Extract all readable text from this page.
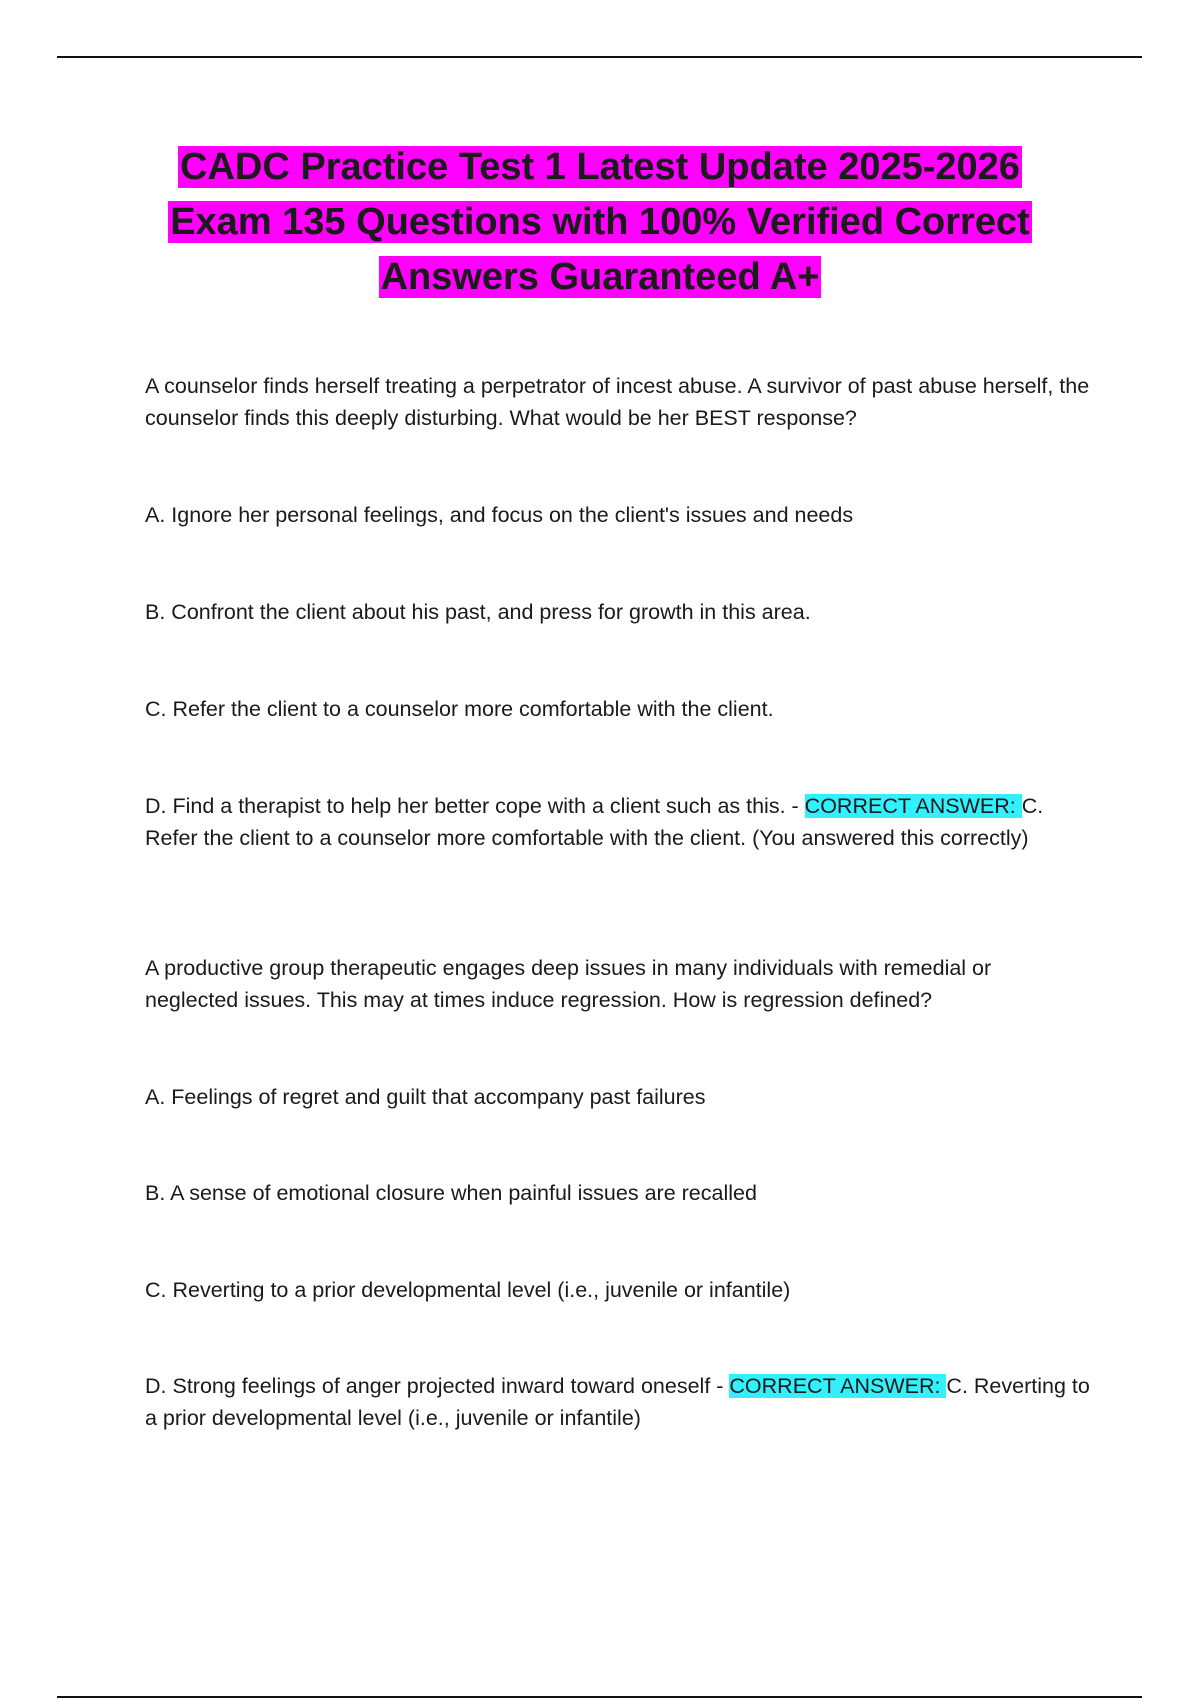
CADC Practice Test 1 Latest Update 2025-2026
Exam 135 Questions with 100% Verified Correct
Answers Guaranteed A+
A counselor finds herself treating a perpetrator of incest abuse. A survivor of past abuse herself, the counselor finds this deeply disturbing. What would be her BEST response?
A. Ignore her personal feelings, and focus on the client's issues and needs
B. Confront the client about his past, and press for growth in this area.
C. Refer the client to a counselor more comfortable with the client.
D. Find a therapist to help her better cope with a client such as this. - CORRECT ANSWER: C. Refer the client to a counselor more comfortable with the client. (You answered this correctly)
A productive group therapeutic engages deep issues in many individuals with remedial or neglected issues. This may at times induce regression. How is regression defined?
A. Feelings of regret and guilt that accompany past failures
B. A sense of emotional closure when painful issues are recalled
C. Reverting to a prior developmental level (i.e., juvenile or infantile)
D. Strong feelings of anger projected inward toward oneself - CORRECT ANSWER: C. Reverting to a prior developmental level (i.e., juvenile or infantile)
